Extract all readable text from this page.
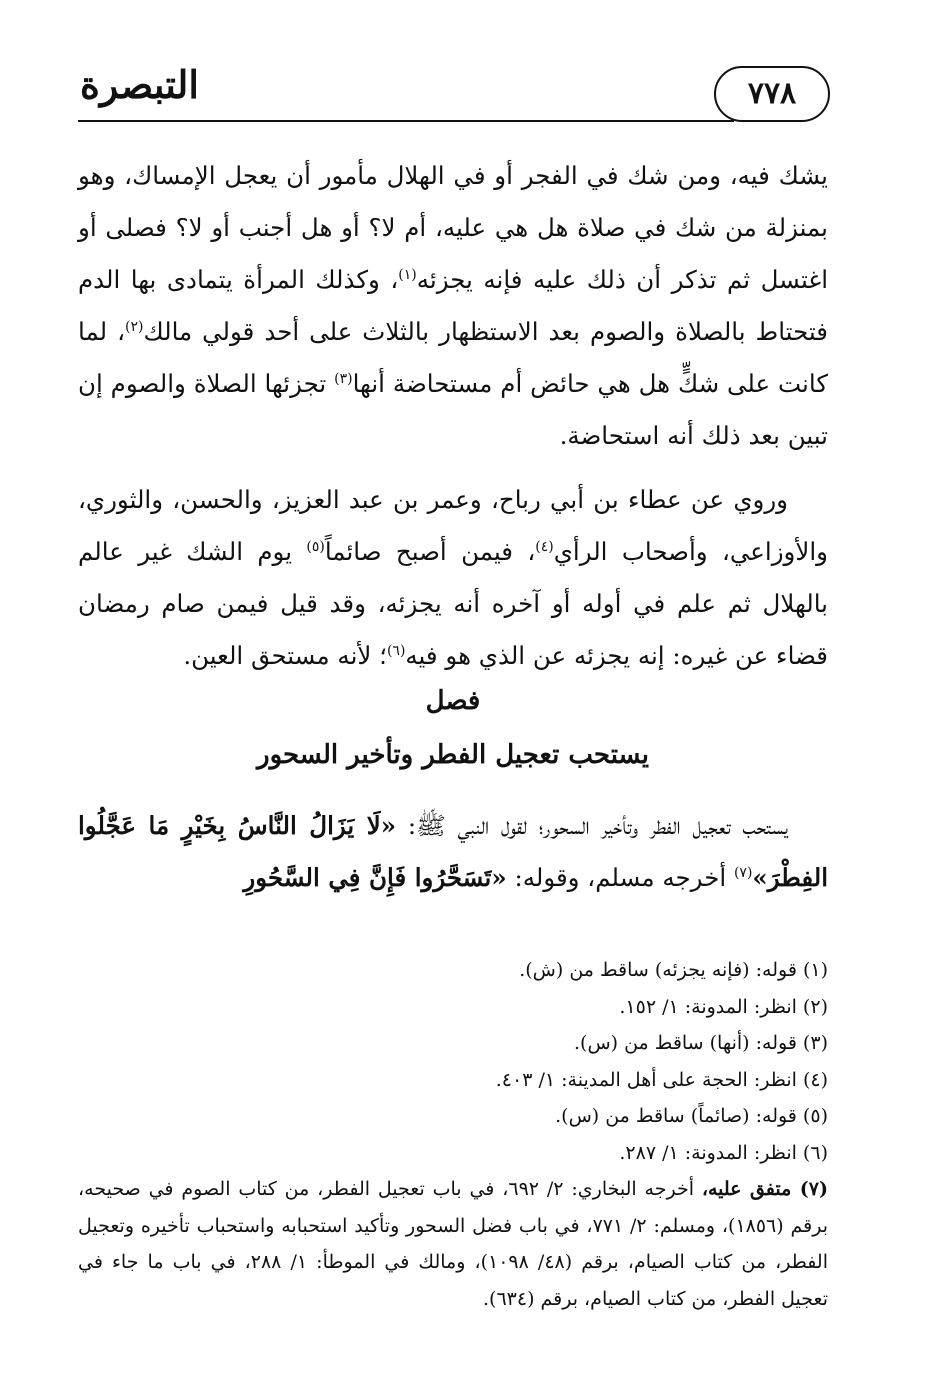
التبصرة	٧٧٨

يشك فيه، ومن شك في الفجر أو في الهلال مأمور أن يعجل الإمساك، وهو بمنزلة من شك في صلاة هل هي عليه، أم لا؟ أو هل أجنب أو لا؟ فصلى أو اغتسل ثم تذكر أن ذلك عليه فإنه يجزئه$^{(١)}$، وكذلك المرأة يتمادى بها الدم فتحتاط بالصلاة والصوم بعد الاستظهار بالثلاث على أحد قولي مالك$^{(٢)}$، لما كانت على شكٍّ هل هي حائض أم مستحاضة أنها$^{(٣)}$ تجزئها الصلاة والصوم إن تبين بعد ذلك أنه استحاضة.

وروي عن عطاء بن أبي رباح، وعمر بن عبد العزيز، والحسن، والثوري، والأوزاعي، وأصحاب الرأي$^{(٤)}$، فيمن أصبح صائماً$^{(٥)}$ يوم الشك غير عالم بالهلال ثم علم في أوله أو آخره أنه يجزئه، وقد قيل فيمن صام رمضان قضاء عن غيره: إنه يجزئه عن الذي هو فيه$^{(٦)}$؛ لأنه مستحق العين.

فصل
يستحب تعجيل الفطر وتأخير السحور

يستحب تعجيل الفطر وتأخير السحور؛ لقول النبي ﷺ: «لَا يَزَالُ النَّاسُ بِخَيْرٍ مَا عَجَّلُوا الفِطْرَ»$^{(٧)}$ أخرجه مسلم، وقوله: «تَسَحَّرُوا فَإِنَّ فِي السَّحُورِ

(١) قوله: (فإنه يجزئه) ساقط من (ش).

(٢) انظر: المدونة: ١/ ١٥٢.

(٣) قوله: (أنها) ساقط من (س).

(٤) انظر: الحجة على أهل المدينة: ١/ ٤٠٣.

(٥) قوله: (صائماً) ساقط من (س).

(٦) انظر: المدونة: ١/ ٢٨٧.

(٧) متفق عليه، أخرجه البخاري: ٢/ ٦٩٢، في باب تعجيل الفطر، من كتاب الصوم في صحيحه، برقم (١٨٥٦)، ومسلم: ٢/ ٧٧١، في باب فضل السحور وتأكيد استحبابه واستحباب تأخيره وتعجيل الفطر، من كتاب الصيام، برقم (٤٨/ ١٠٩٨)، ومالك في الموطأ: ١/ ٢٨٨، في باب ما جاء في تعجيل الفطر، من كتاب الصيام، برقم (٦٣٤).
